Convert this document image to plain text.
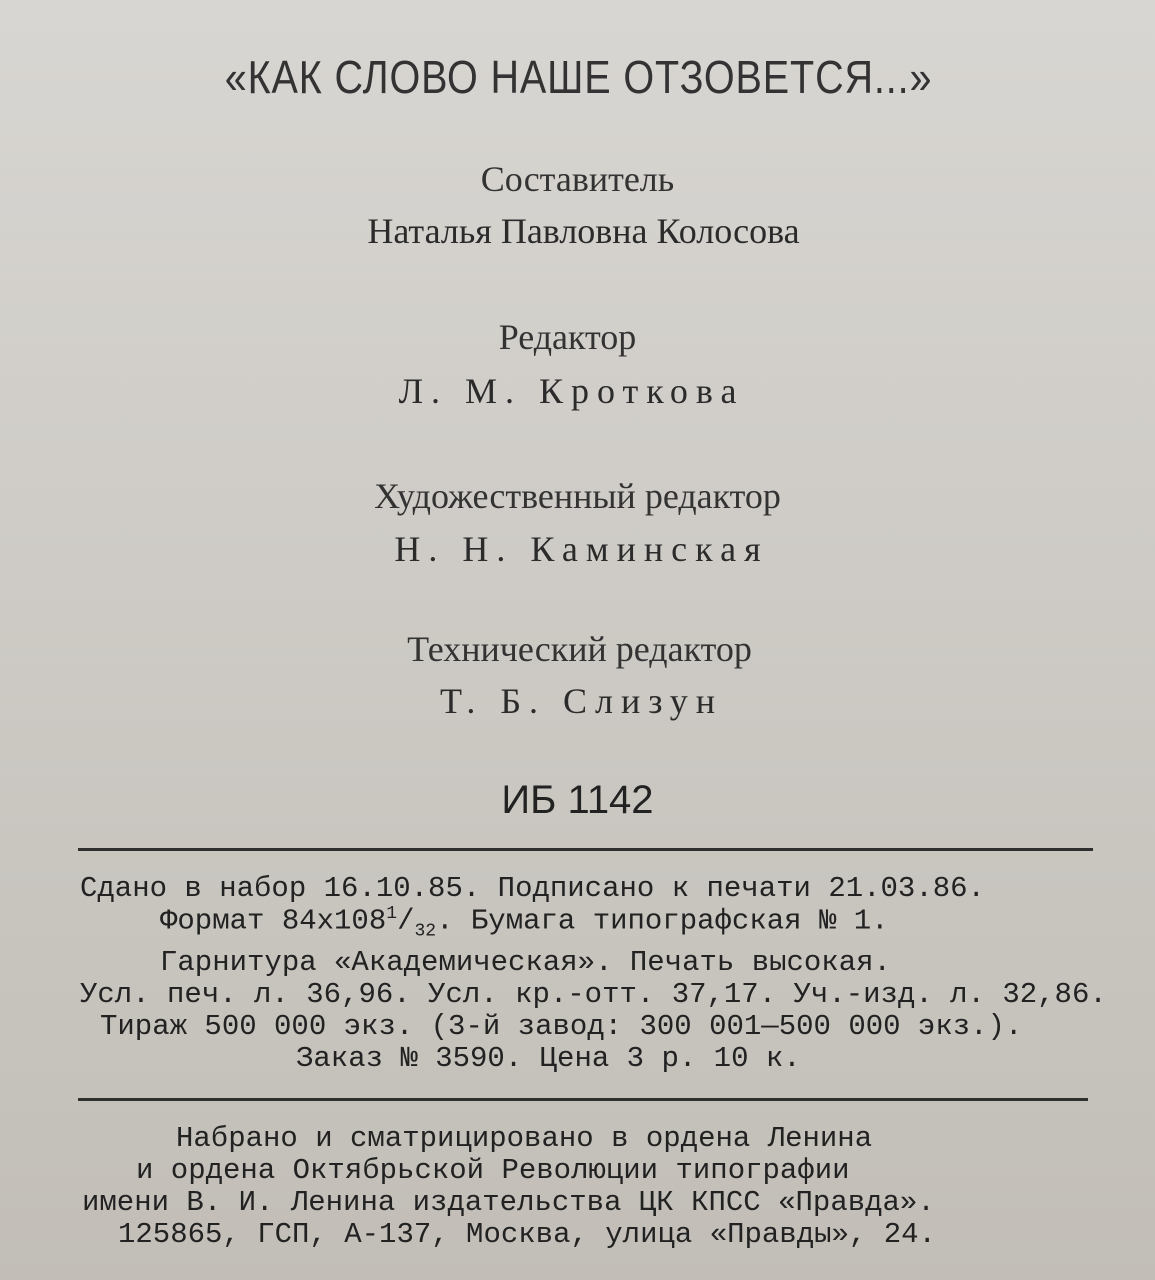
«КАК СЛОВО НАШЕ ОТЗОВЕТСЯ...»
Составитель
Наталья Павловна Колосова
Редактор
Л. М. Кроткова
Художественный редактор
Н. Н. Каминская
Технический редактор
Т. Б. Слизун
ИБ 1142
Сдано в набор 16.10.85. Подписано к печати 21.03.86.
Формат $84х108^1/_{32}$. Бумага типографская № 1.
Гарнитура «Академическая». Печать высокая.
Усл. печ. л. 36,96. Усл. кр.-отт. 37,17. Уч.-изд. л. 32,86.
Тираж 500 000 экз. (3-й завод: 300 001—500 000 экз.).
Заказ № 3590. Цена 3 р. 10 к.
Набрано и сматрицировано в ордена Ленина
и ордена Октябрьской Революции типографии
имени В. И. Ленина издательства ЦК КПСС «Правда».
125865, ГСП, А-137, Москва, улица «Правды», 24.
